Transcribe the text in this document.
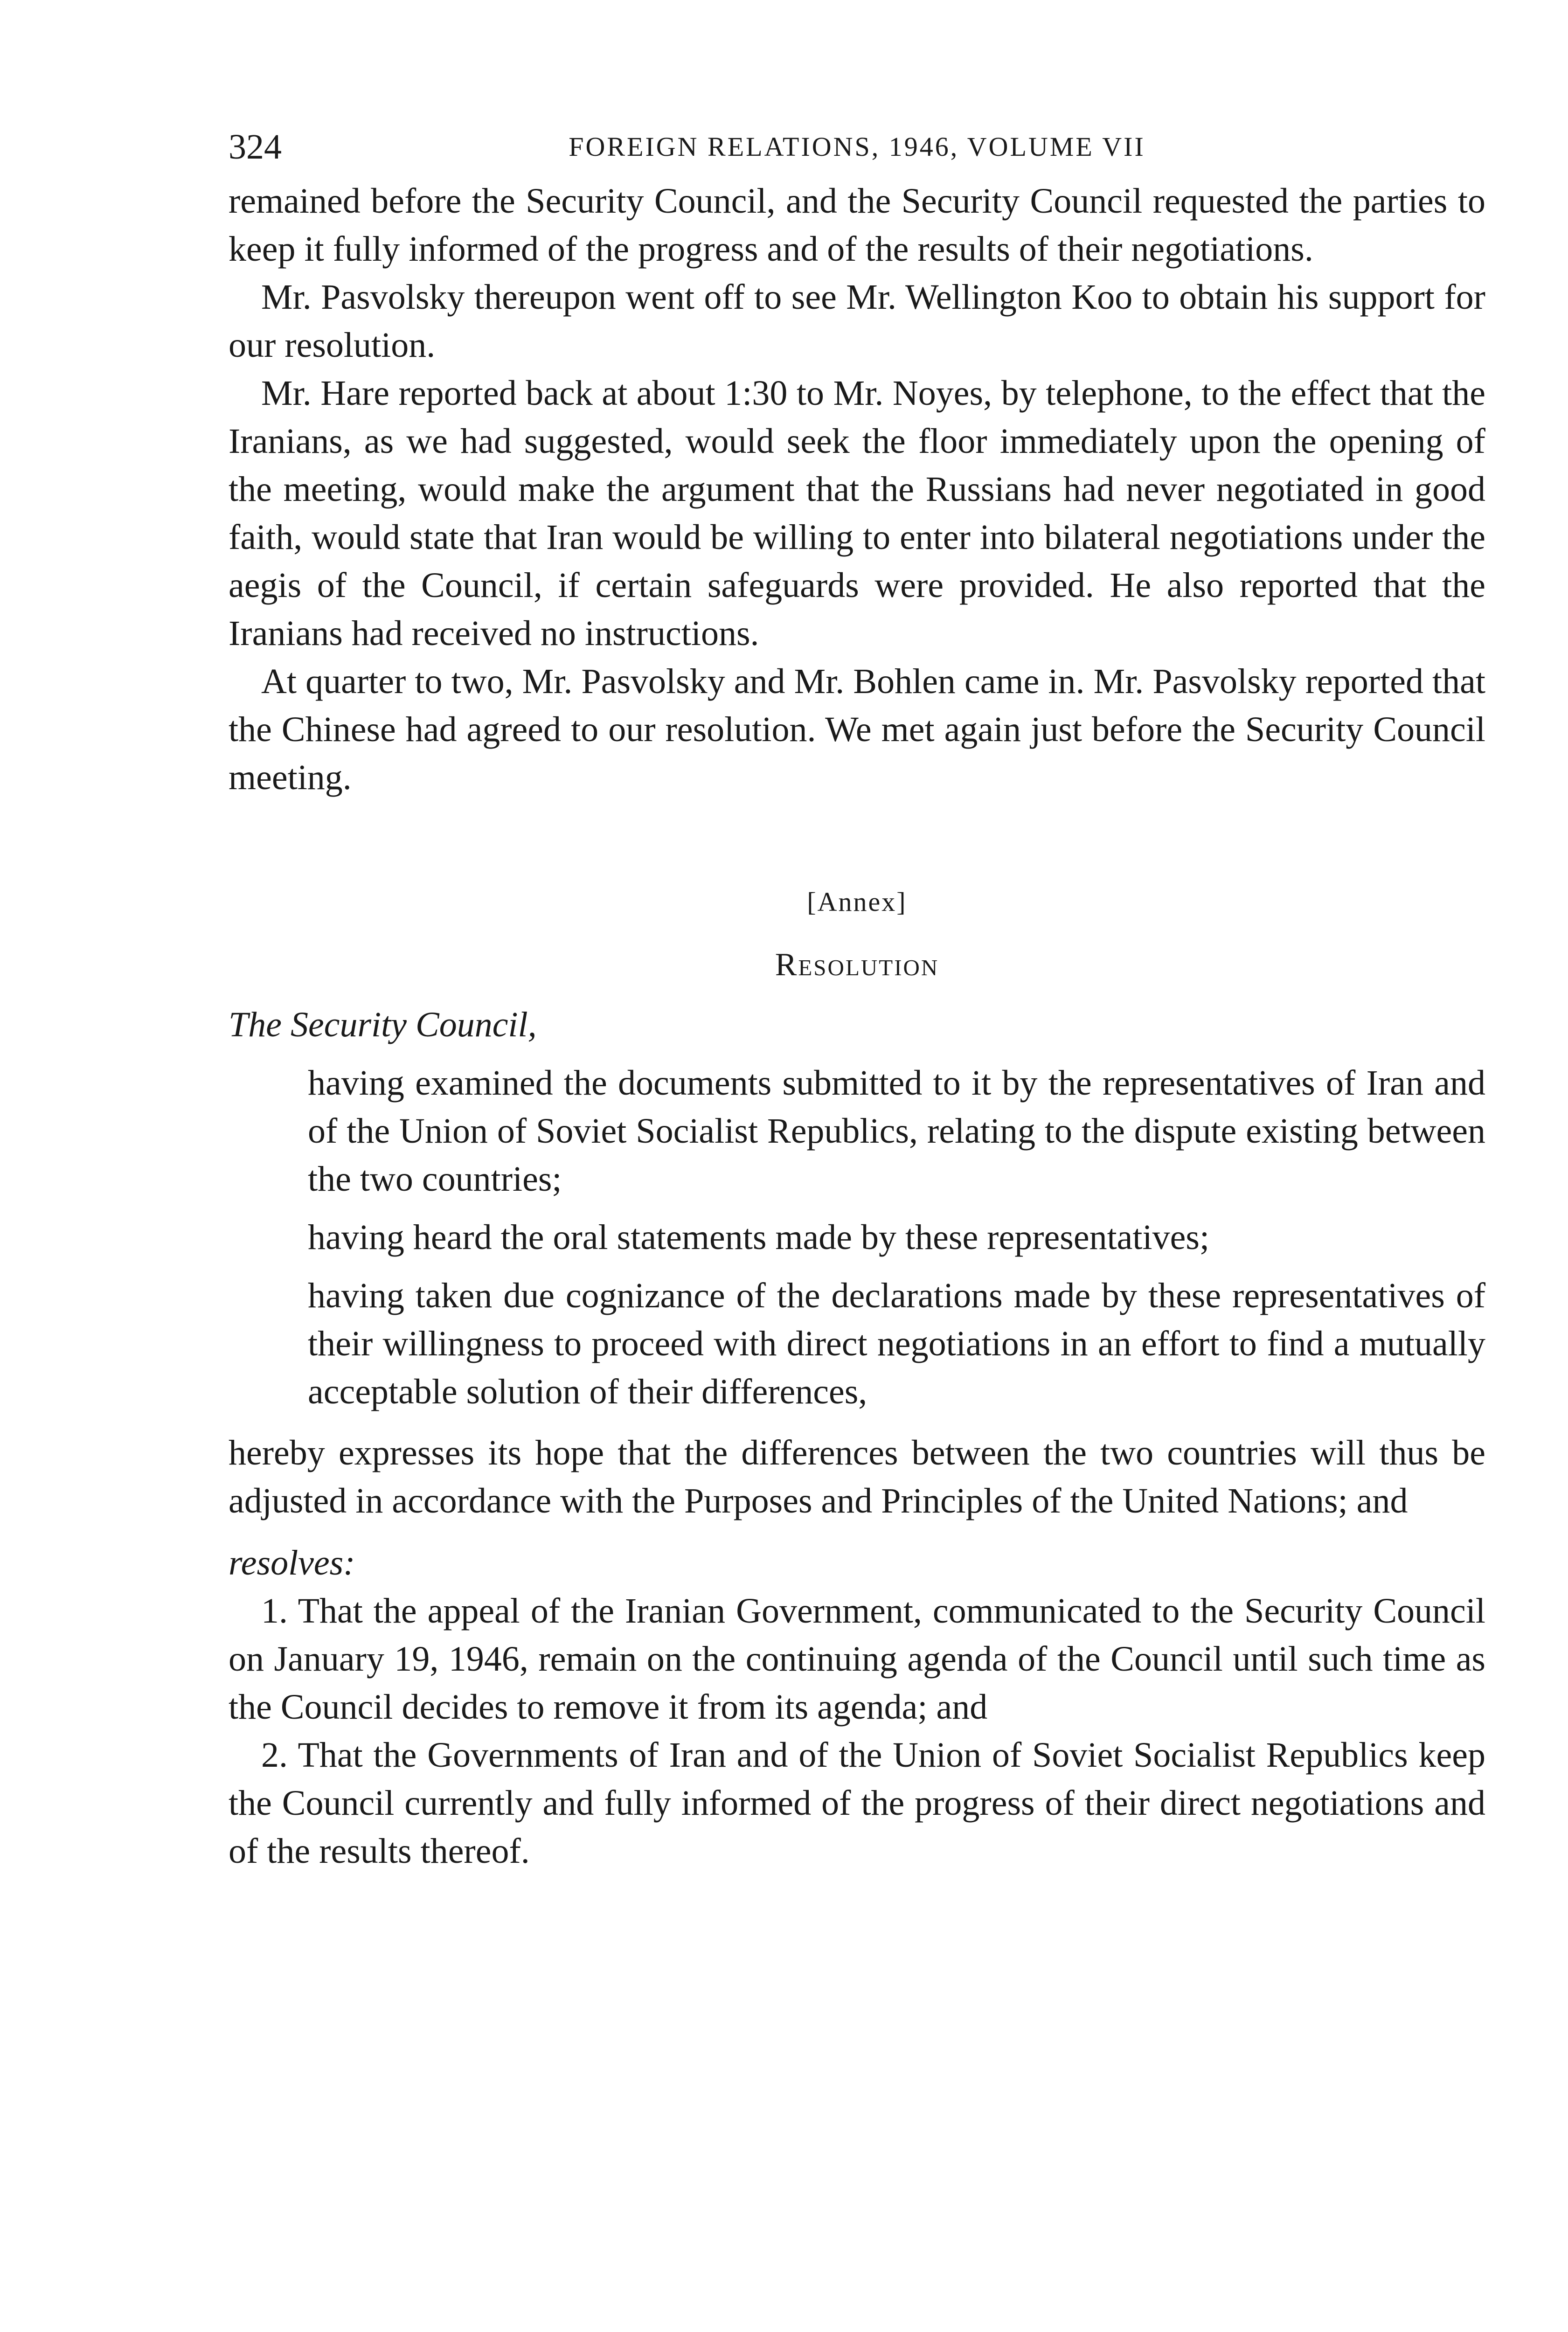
324	FOREIGN RELATIONS, 1946, VOLUME VII

remained before the Security Council, and the Security Council requested the parties to keep it fully informed of the progress and of the results of their negotiations.

Mr. Pasvolsky thereupon went off to see Mr. Wellington Koo to obtain his support for our resolution.

Mr. Hare reported back at about 1:30 to Mr. Noyes, by telephone, to the effect that the Iranians, as we had suggested, would seek the floor immediately upon the opening of the meeting, would make the argument that the Russians had never negotiated in good faith, would state that Iran would be willing to enter into bilateral negotiations under the aegis of the Council, if certain safeguards were provided. He also reported that the Iranians had received no instructions.

At quarter to two, Mr. Pasvolsky and Mr. Bohlen came in. Mr. Pasvolsky reported that the Chinese had agreed to our resolution. We met again just before the Security Council meeting.

[Annex]
Resolution

The Security Council,

having examined the documents submitted to it by the representatives of Iran and of the Union of Soviet Socialist Republics, relating to the dispute existing between the two countries;

having heard the oral statements made by these representatives;

having taken due cognizance of the declarations made by these representatives of their willingness to proceed with direct negotiations in an effort to find a mutually acceptable solution of their differences,

hereby expresses its hope that the differences between the two countries will thus be adjusted in accordance with the Purposes and Principles of the United Nations; and

resolves:

1. That the appeal of the Iranian Government, communicated to the Security Council on January 19, 1946, remain on the continuing agenda of the Council until such time as the Council decides to remove it from its agenda; and

2. That the Governments of Iran and of the Union of Soviet Socialist Republics keep the Council currently and fully informed of the progress of their direct negotiations and of the results thereof.
